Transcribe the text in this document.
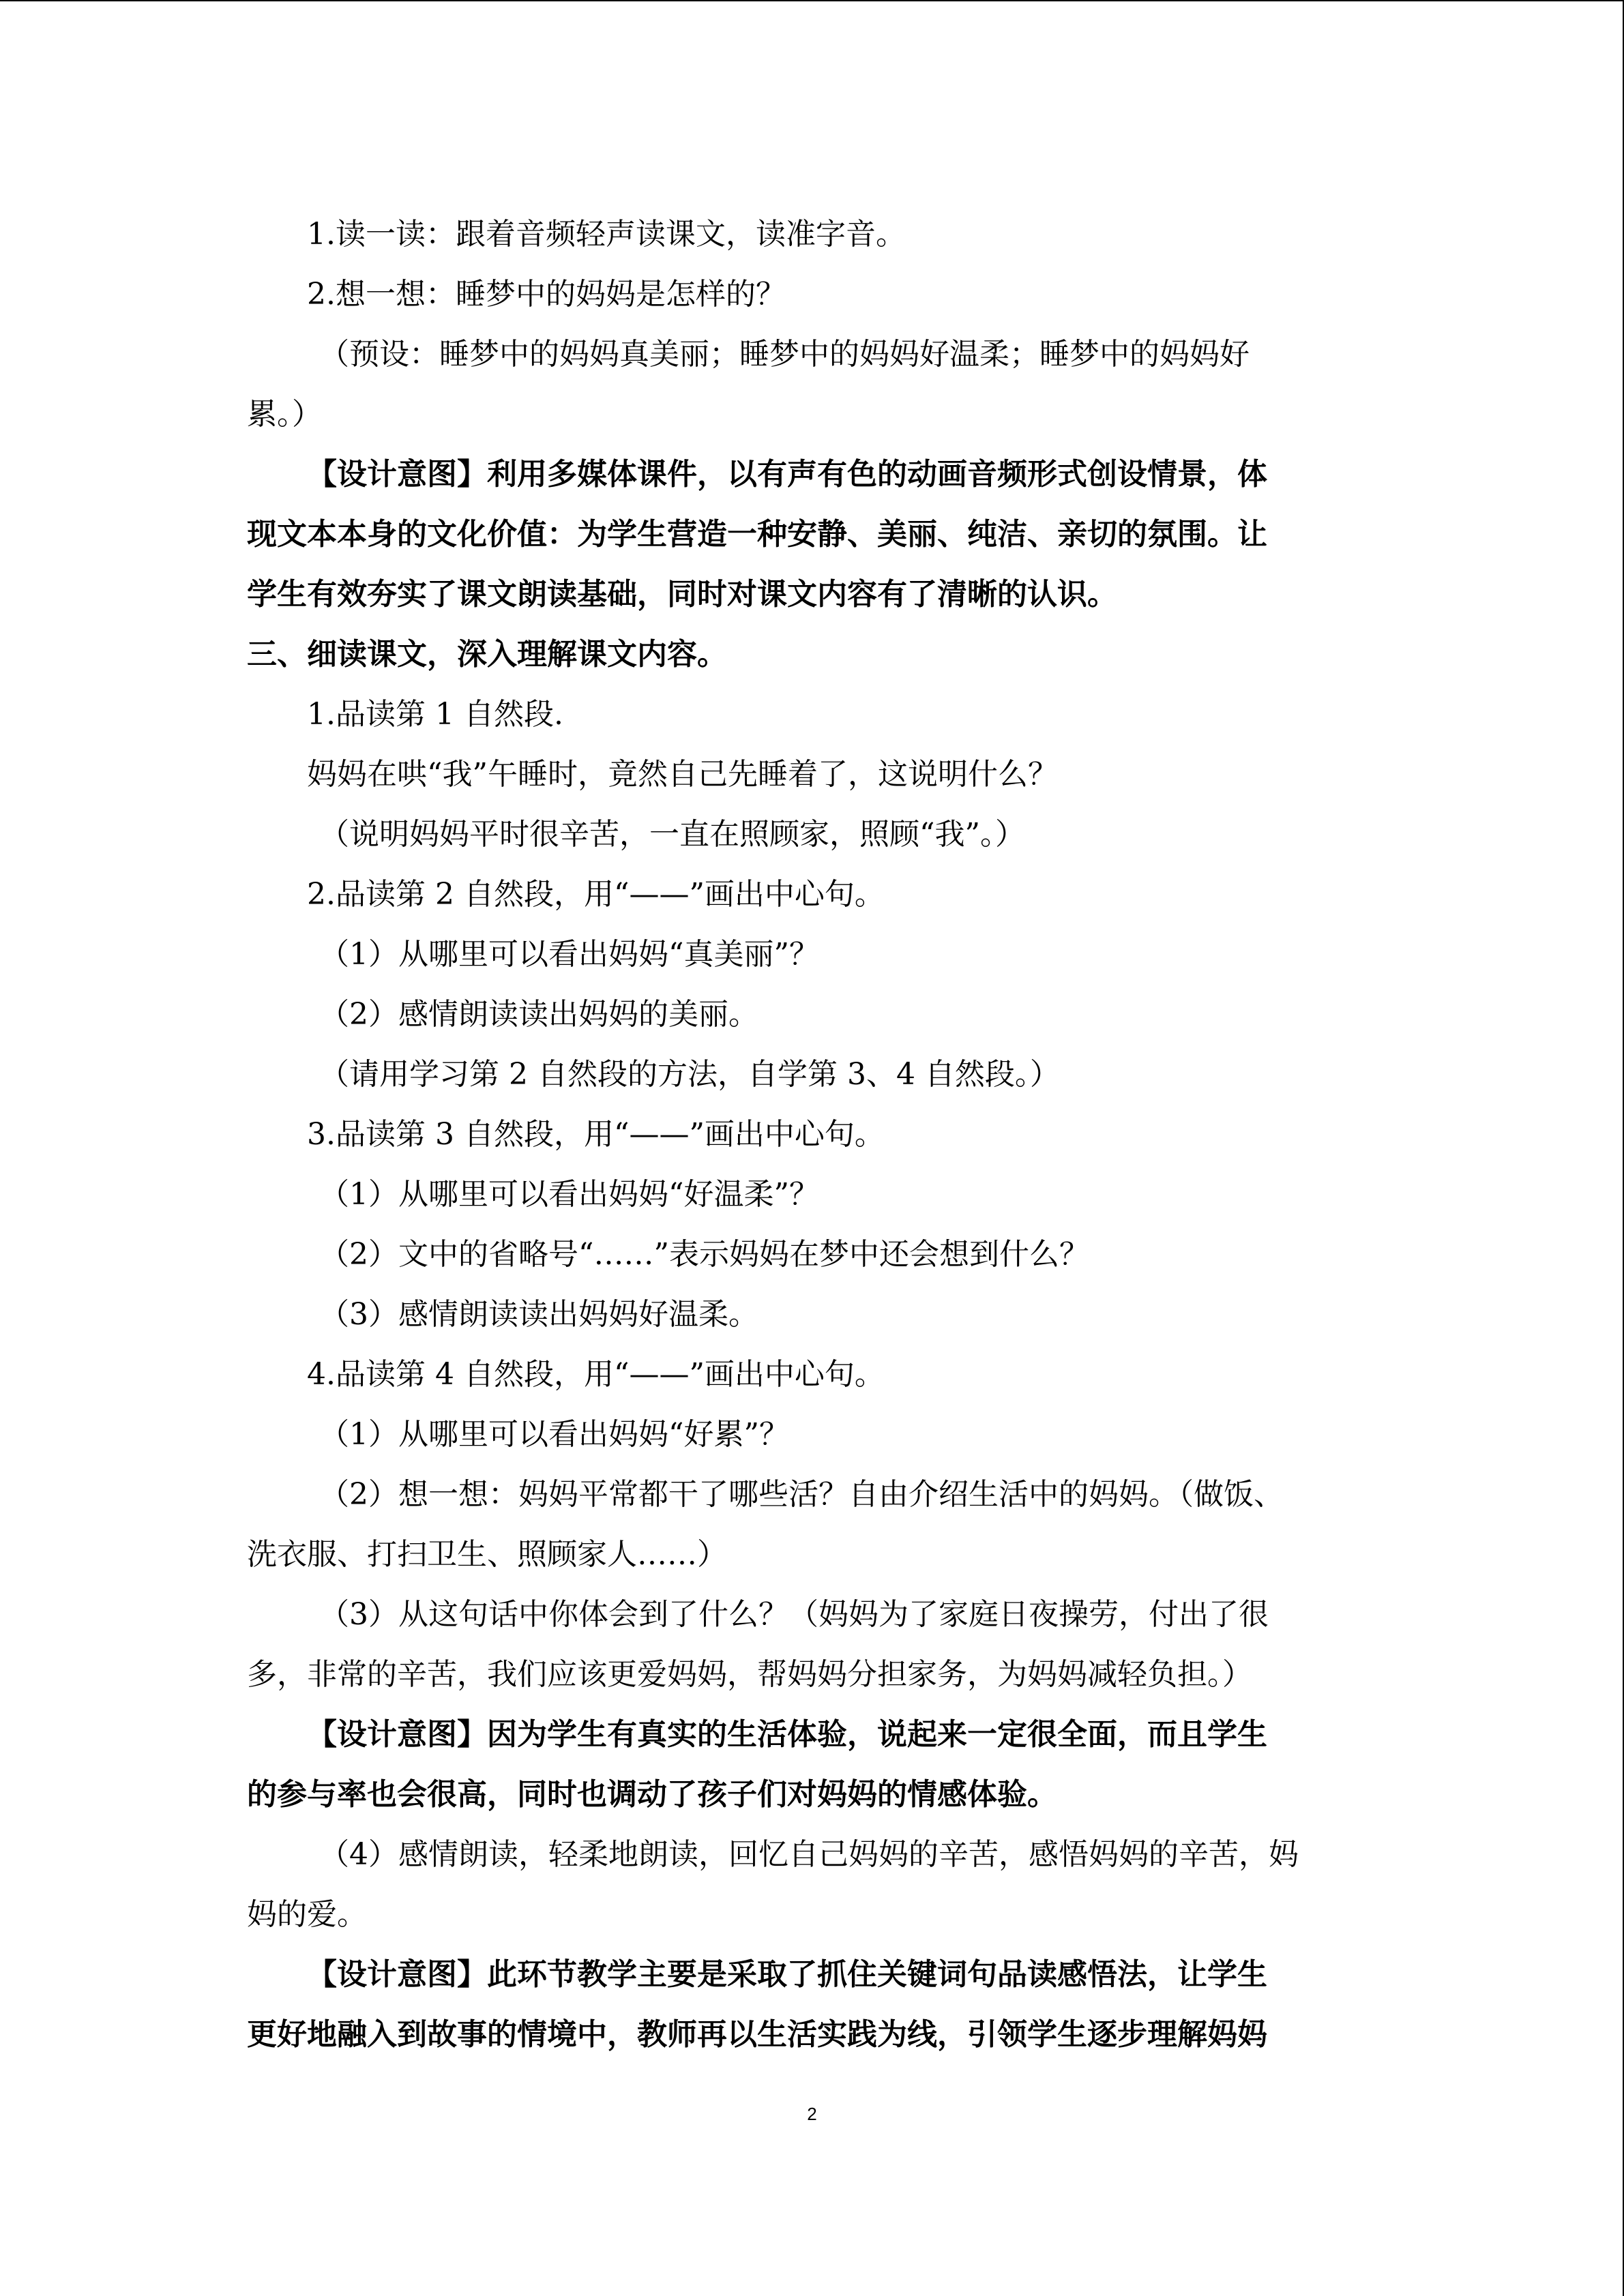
1.读一读：跟着音频轻声读课文，读准字音。

2.想一想：睡梦中的妈妈是怎样的？

（预设：睡梦中的妈妈真美丽；睡梦中的妈妈好温柔；睡梦中的妈妈好

累。）

【设计意图】利用多媒体课件，以有声有色的动画音频形式创设情景，体

现文本本身的文化价值：为学生营造一种安静、美丽、纯洁、亲切的氛围。让

学生有效夯实了课文朗读基础，同时对课文内容有了清晰的认识。

三、细读课文，深入理解课文内容。

1.品读第 1 自然段.

妈妈在哄“我”午睡时，竟然自己先睡着了，这说明什么？

（说明妈妈平时很辛苦，一直在照顾家，照顾“我”。）

2.品读第 2 自然段，用“——”画出中心句。

（1）从哪里可以看出妈妈“真美丽”？

（2）感情朗读读出妈妈的美丽。

（请用学习第 2 自然段的方法，自学第 3、4 自然段。）

3.品读第 3 自然段，用“——”画出中心句。

（1）从哪里可以看出妈妈“好温柔”？

（2）文中的省略号“……”表示妈妈在梦中还会想到什么？

（3）感情朗读读出妈妈好温柔。

4.品读第 4 自然段，用“——”画出中心句。

（1）从哪里可以看出妈妈“好累”？

（2）想一想：妈妈平常都干了哪些活？自由介绍生活中的妈妈。（做饭、

洗衣服、打扫卫生、照顾家人……）

（3）从这句话中你体会到了什么？（妈妈为了家庭日夜操劳，付出了很

多，非常的辛苦，我们应该更爱妈妈，帮妈妈分担家务，为妈妈减轻负担。）

【设计意图】因为学生有真实的生活体验，说起来一定很全面，而且学生

的参与率也会很高，同时也调动了孩子们对妈妈的情感体验。

（4）感情朗读，轻柔地朗读，回忆自己妈妈的辛苦，感悟妈妈的辛苦，妈

妈的爱。

【设计意图】此环节教学主要是采取了抓住关键词句品读感悟法，让学生

更好地融入到故事的情境中，教师再以生活实践为线，引领学生逐步理解妈妈

2
